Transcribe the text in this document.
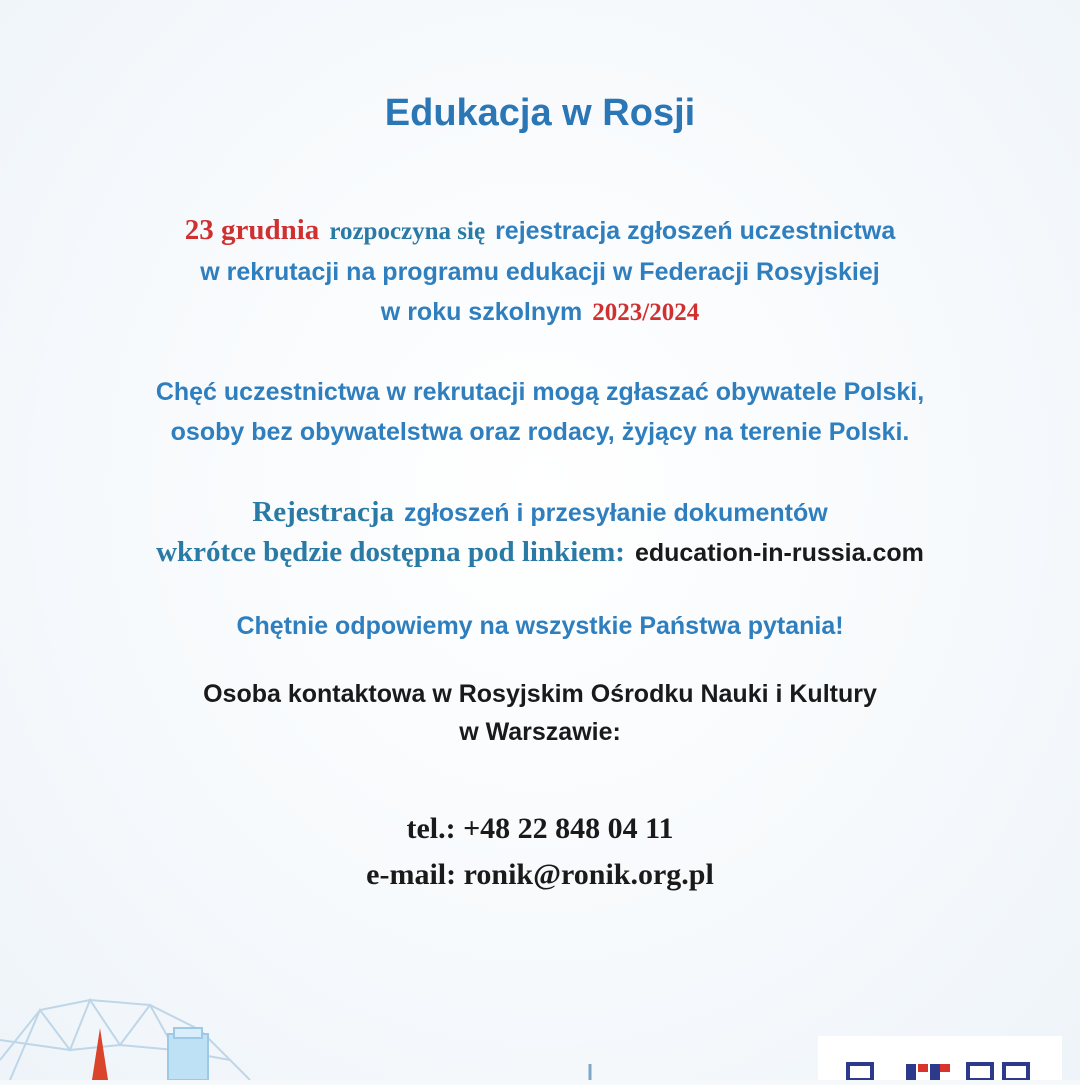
Edukacja w Rosji
23 grudnia rozpoczyna się rejestracja zgłoszeń uczestnictwa
w rekrutacji na programu edukacji w Federacji Rosyjskiej
w roku szkolnym 2023/2024
Chęć uczestnictwa w rekrutacji mogą zgłaszać obywatele Polski,
osoby bez obywatelstwa oraz rodacy, żyjący na terenie Polski.
Rejestracja zgłoszeń i przesyłanie dokumentów
wkrótce będzie dostępna pod linkiem: education-in-russia.com
Chętnie odpowiemy na wszystkie Państwa pytania!
Osoba kontaktowa w Rosyjskim Ośrodku Nauki i Kultury
w Warszawie:
tel.: +48 22 848 04 11
e-mail: ronik@ronik.org.pl
